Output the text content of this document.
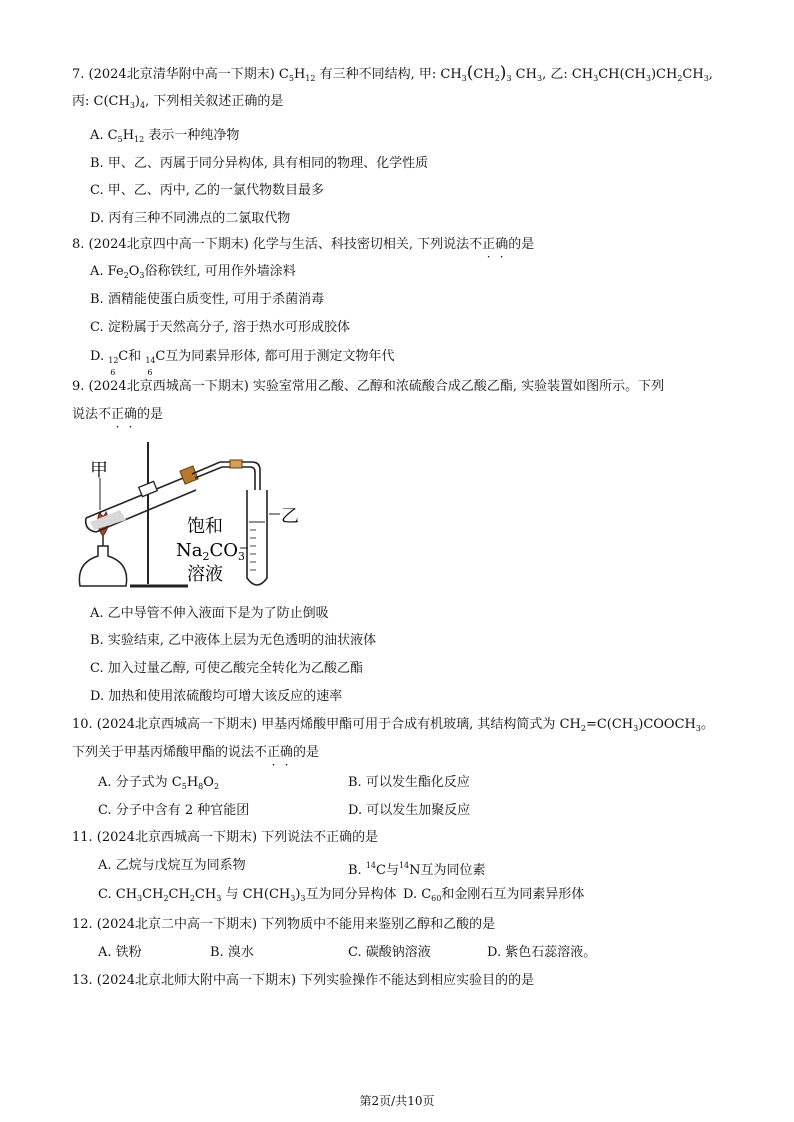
7. (2024北京清华附中高一下期末) $C_5H_{12}$ 有三种不同结构, 甲: $CH_3(CH_2)_3$ $CH_3$, 乙: $CH_3CH(CH_3)CH_2CH_3$,
丙: $C(CH_3)_4$, 下列相关叙述正确的是
A. $C_5H_{12}$ 表示一种纯净物
B. 甲、乙、丙属于同分异构体, 具有相同的物理、化学性质
C. 甲、乙、丙中, 乙的一氯代物数目最多
D. 丙有三种不同沸点的二氯取代物
8. (2024北京四中高一下期末) 化学与生活、科技密切相关, 下列说法不正确的是
A. $Fe_2O_3$俗称铁红, 可用作外墙涂料
B. 酒精能使蛋白质变性, 可用于杀菌消毒
C. 淀粉属于天然高分子, 溶于热水可形成胶体
D. 12
6
C和 14
6
C互为同素异形体, 都可用于测定文物年代
9. (2024北京西城高一下期末) 实验室常用乙酸、乙醇和浓硫酸合成乙酸乙酯, 实验装置如图所示。下列
说法不正确的是
甲
乙
饱和
$Na_2CO_3$
溶液
A. 乙中导管不伸入液面下是为了防止倒吸
B. 实验结束, 乙中液体上层为无色透明的油状液体
C. 加入过量乙醇, 可使乙酸完全转化为乙酸乙酯
D. 加热和使用浓硫酸均可增大该反应的速率
10. (2024北京西城高一下期末) 甲基丙烯酸甲酯可用于合成有机玻璃, 其结构简式为 $CH_2=C(CH_3)COOCH_3$。
下列关于甲基丙烯酸甲酯的说法不正确的是
A. 分子式为 $C_5H_8O_2$	B. 可以发生酯化反应
C. 分子中含有 2 种官能团	D. 可以发生加聚反应
11. (2024北京西城高一下期末) 下列说法不正确的是
A. 乙烷与戊烷互为同系物	B. $^{14}$C与$^{14}$N互为同位素
C. $CH_3CH_2CH_2CH_3$ 与 $CH(CH_3)_3$互为同分异构体 D. $C_{60}$和金刚石互为同素异形体
12. (2024北京二中高一下期末) 下列物质中不能用来鉴别乙醇和乙酸的是
A. 铁粉	B. 溴水	C. 碳酸钠溶液	D. 紫色石蕊溶液。
13. (2024北京北师大附中高一下期末) 下列实验操作不能达到相应实验目的的是
第2页/共10页
